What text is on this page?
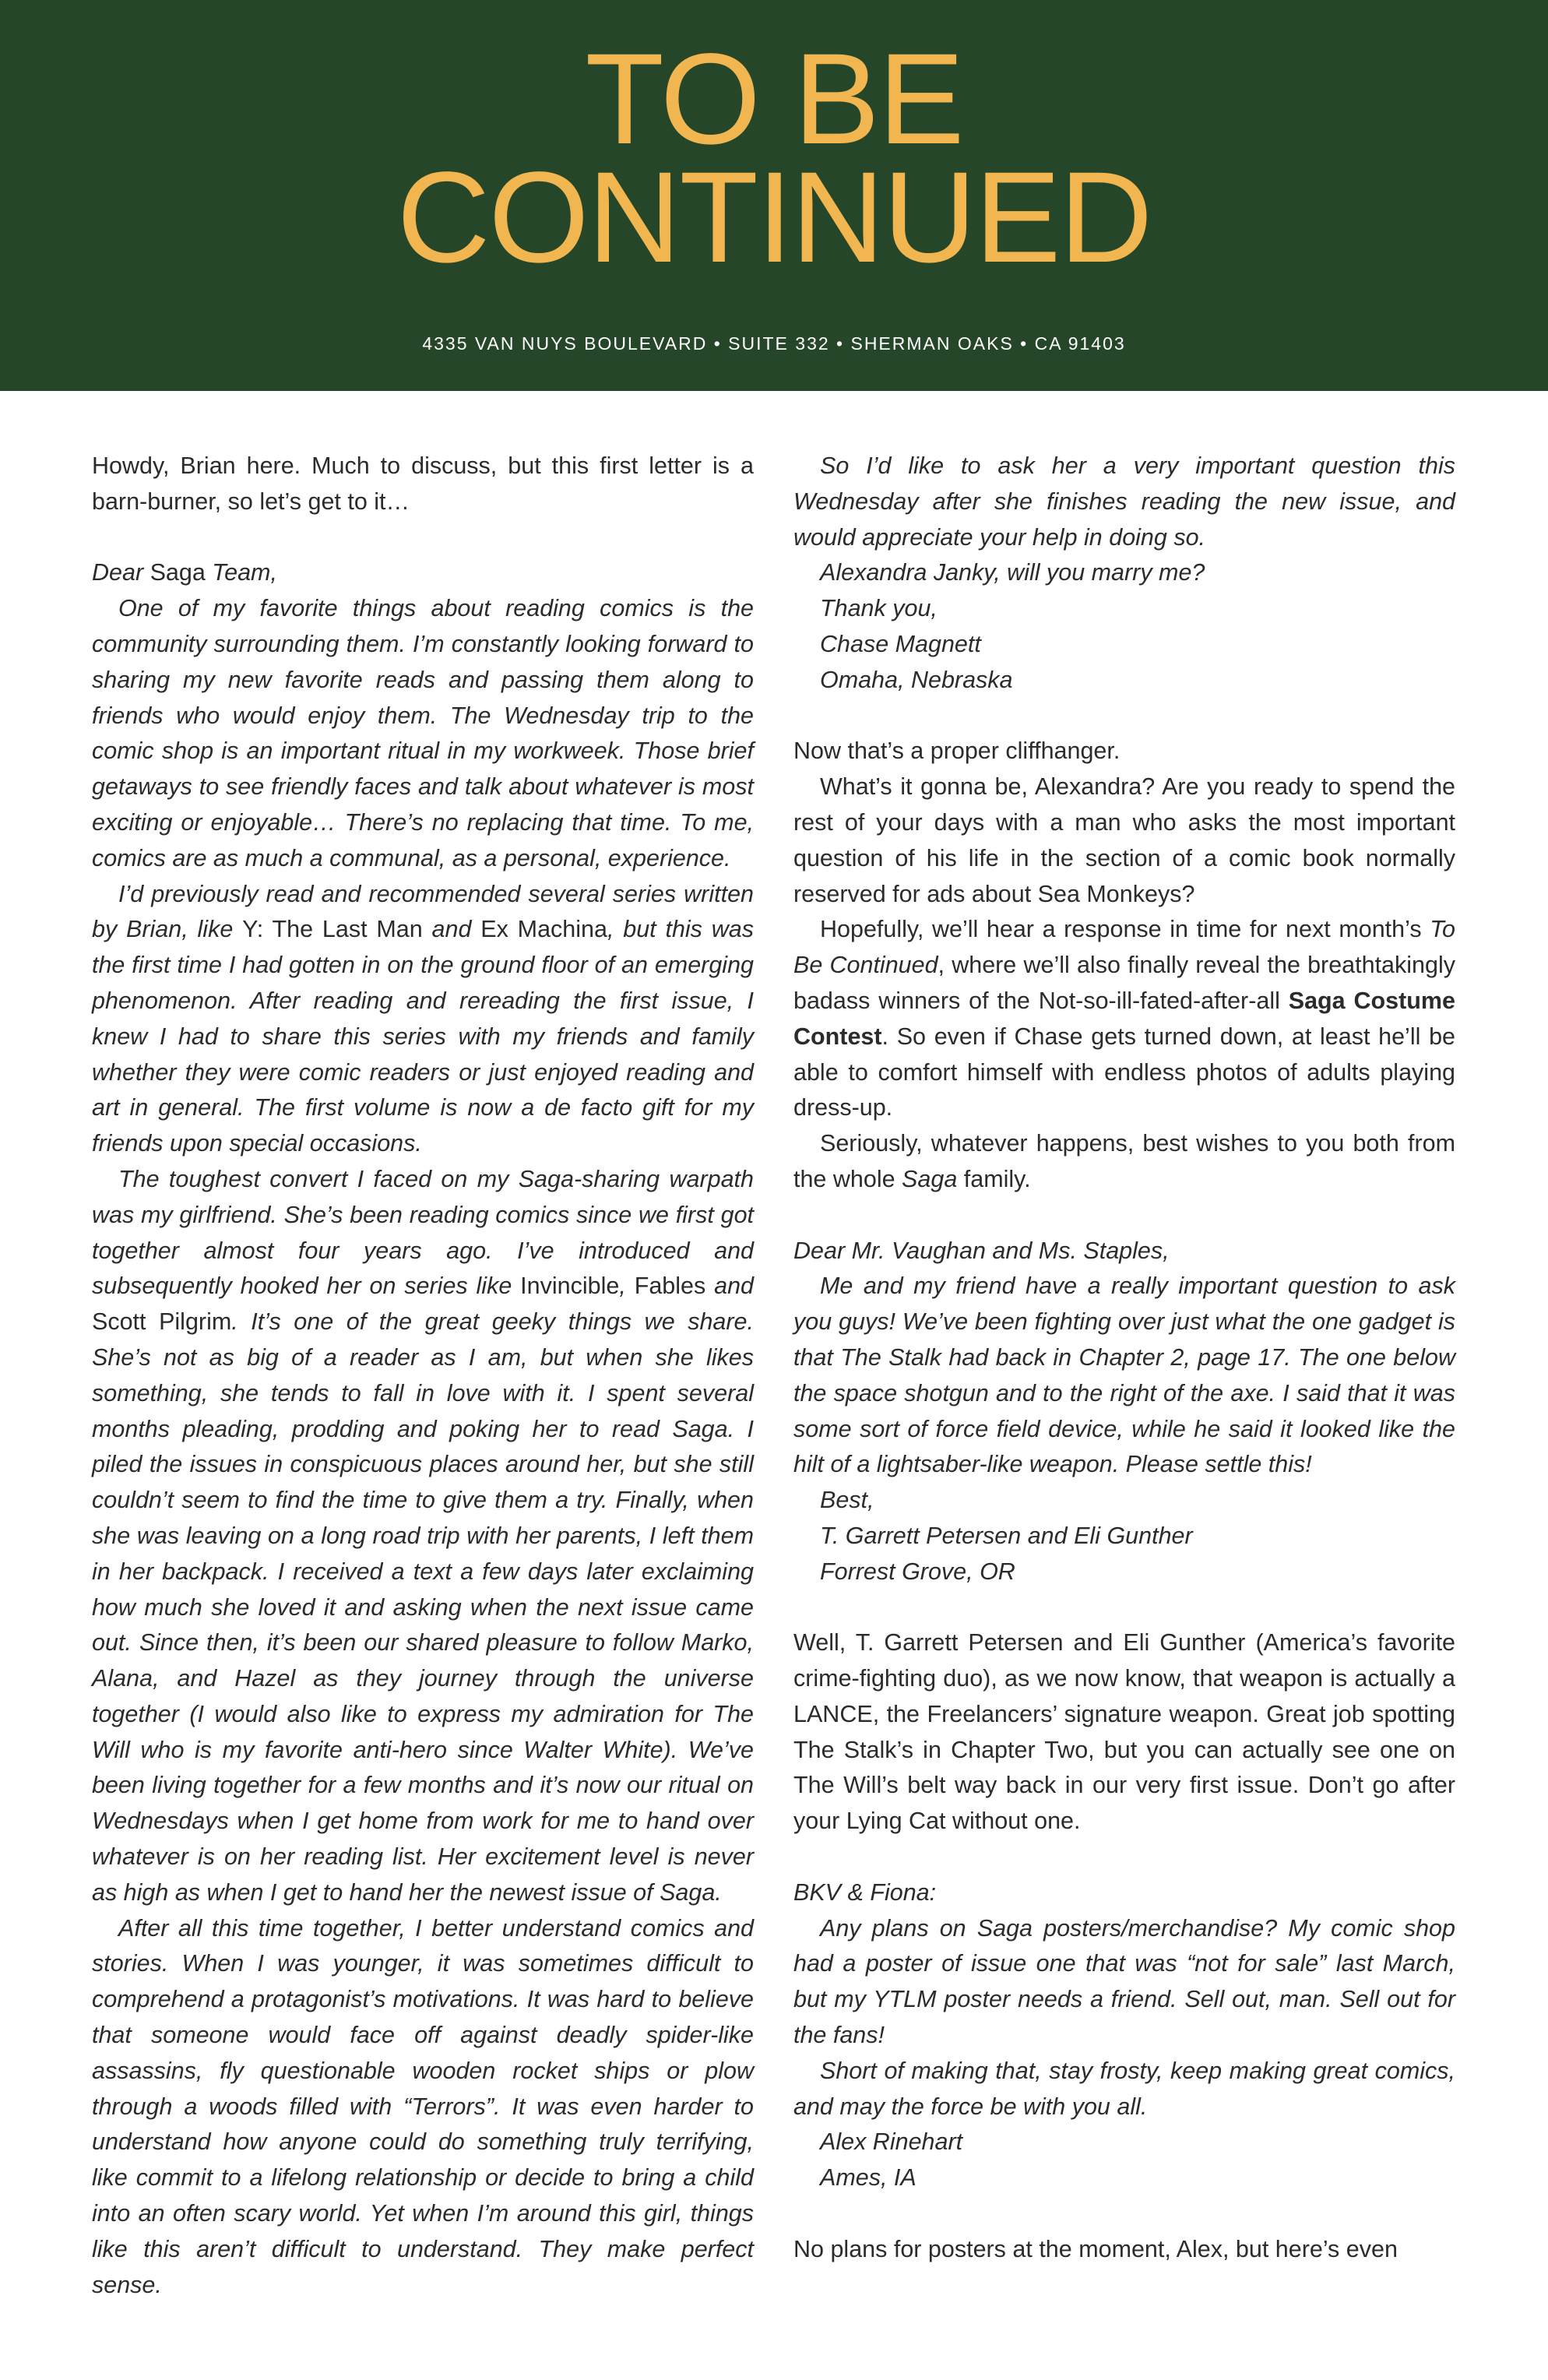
TO BE
CONTINUED
4335 VAN NUYS BOULEVARD • SUITE 332 • SHERMAN OAKS • CA 91403

Howdy, Brian here. Much to discuss, but this first letter is a barn-burner, so let’s get to it…

Dear Saga Team,

One of my favorite things about reading comics is the community surrounding them. I’m constantly looking forward to sharing my new favorite reads and passing them along to friends who would enjoy them. The Wednesday trip to the comic shop is an important ritual in my workweek. Those brief getaways to see friendly faces and talk about whatever is most exciting or enjoyable… There’s no replacing that time. To me, comics are as much a communal, as a personal, experience.

I’d previously read and recommended several series written by Brian, like Y: The Last Man and Ex Machina, but this was the first time I had gotten in on the ground floor of an emerging phenomenon. After reading and rereading the first issue, I knew I had to share this series with my friends and family whether they were comic readers or just enjoyed reading and art in general. The first volume is now a de facto gift for my friends upon special occasions.

The toughest convert I faced on my Saga-sharing warpath was my girlfriend. She’s been reading comics since we first got together almost four years ago. I’ve introduced and subsequently hooked her on series like Invincible, Fables and Scott Pilgrim. It’s one of the great geeky things we share. She’s not as big of a reader as I am, but when she likes something, she tends to fall in love with it. I spent several months pleading, prodding and poking her to read Saga. I piled the issues in conspicuous places around her, but she still couldn’t seem to find the time to give them a try. Finally, when she was leaving on a long road trip with her parents, I left them in her backpack. I received a text a few days later exclaiming how much she loved it and asking when the next issue came out. Since then, it’s been our shared pleasure to follow Marko, Alana, and Hazel as they journey through the universe together (I would also like to express my admiration for The Will who is my favorite anti-hero since Walter White). We’ve been living together for a few months and it’s now our ritual on Wednesdays when I get home from work for me to hand over whatever is on her reading list. Her excitement level is never as high as when I get to hand her the newest issue of Saga.

After all this time together, I better understand comics and stories. When I was younger, it was sometimes difficult to comprehend a protagonist’s motivations. It was hard to believe that someone would face off against deadly spider-like assassins, fly questionable wooden rocket ships or plow through a woods filled with “Terrors”. It was even harder to understand how anyone could do something truly terrifying, like commit to a lifelong relationship or decide to bring a child into an often scary world. Yet when I’m around this girl, things like this aren’t difficult to understand. They make perfect sense.

So I’d like to ask her a very important question this Wednesday after she finishes reading the new issue, and would appreciate your help in doing so.

Alexandra Janky, will you marry me?

Thank you,

Chase Magnett

Omaha, Nebraska

Now that’s a proper cliffhanger.

What’s it gonna be, Alexandra? Are you ready to spend the rest of your days with a man who asks the most important question of his life in the section of a comic book normally reserved for ads about Sea Monkeys?

Hopefully, we’ll hear a response in time for next month’s To Be Continued, where we’ll also finally reveal the breathtakingly badass winners of the Not-so-ill-fated-after-all Saga Costume Contest. So even if Chase gets turned down, at least he’ll be able to comfort himself with endless photos of adults playing dress-up.

Seriously, whatever happens, best wishes to you both from the whole Saga family.

Dear Mr. Vaughan and Ms. Staples,

Me and my friend have a really important question to ask you guys! We’ve been fighting over just what the one gadget is that The Stalk had back in Chapter 2, page 17. The one below the space shotgun and to the right of the axe. I said that it was some sort of force field device, while he said it looked like the hilt of a lightsaber-like weapon. Please settle this!

Best,

T. Garrett Petersen and Eli Gunther

Forrest Grove, OR

Well, T. Garrett Petersen and Eli Gunther (America’s favorite crime-fighting duo), as we now know, that weapon is actually a LANCE, the Freelancers’ signature weapon. Great job spotting The Stalk’s in Chapter Two, but you can actually see one on The Will’s belt way back in our very first issue. Don’t go after your Lying Cat without one.

BKV & Fiona:

Any plans on Saga posters/merchandise? My comic shop had a poster of issue one that was “not for sale” last March, but my YTLM poster needs a friend. Sell out, man. Sell out for the fans!

Short of making that, stay frosty, keep making great comics, and may the force be with you all.

Alex Rinehart

Ames, IA

No plans for posters at the moment, Alex, but here’s even
